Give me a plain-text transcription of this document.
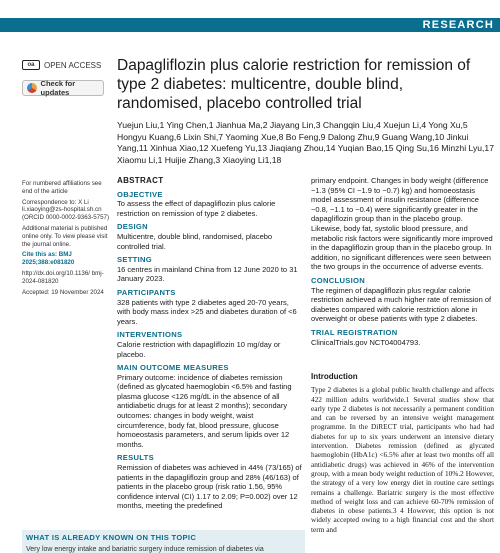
RESEARCH
oa	OPEN ACCESS
Check for updates
Dapagliflozin plus calorie restriction for remission of type 2 diabetes: multicentre, double blind, randomised, placebo controlled trial
Yuejun Liu,1 Ying Chen,1 Jianhua Ma,2 Jiayang Lin,3 Changqin Liu,4 Xuejun Li,4 Yong Xu,5 Hongyu Kuang,6 Lixin Shi,7 Yaoming Xue,8 Bo Feng,9 Dalong Zhu,9 Guang Wang,10 Jinkui Yang,11 Xinhua Xiao,12 Xuefeng Yu,13 Jiaqiang Zhou,14 Yuqian Bao,15 Qing Su,16 Minzhi Lyu,17 Xiaomu Li,1 Huijie Zhang,3 Xiaoying Li1,18

For numbered affiliations see end of the article

Correspondence to: X Li li.xiaoying@zs-hospital.sh.cn (ORCID 0000-0002-9363-5757)

Additional material is published online only. To view please visit the journal online.

Cite this as: BMJ 2025;388:e081820

http://dx.doi.org/10.1136/ bmj-2024-081820

Accepted: 19 November 2024

ABSTRACT
OBJECTIVE

To assess the effect of dapagliflozin plus calorie restriction on remission of type 2 diabetes.

DESIGN

Multicentre, double blind, randomised, placebo controlled trial.

SETTING

16 centres in mainland China from 12 June 2020 to 31 January 2023.

PARTICIPANTS

328 patients with type 2 diabetes aged 20-70 years, with body mass index >25 and diabetes duration of <6 years.

INTERVENTIONS

Calorie restriction with dapagliflozin 10 mg/day or placebo.

MAIN OUTCOME MEASURES

Primary outcome: incidence of diabetes remission (defined as glycated haemoglobin <6.5% and fasting plasma glucose <126 mg/dL in the absence of all antidiabetic drugs for at least 2 months); secondary outcomes: changes in body weight, waist circumference, body fat, blood pressure, glucose homoeostasis parameters, and serum lipids over 12 months.

RESULTS

Remission of diabetes was achieved in 44% (73/165) of patients in the dapagliflozin group and 28% (46/163) of patients in the placebo group (risk ratio 1.56, 95% confidence interval (CI) 1.17 to 2.09; P=0.002) over 12 months, meeting the predefined

primary endpoint. Changes in body weight (difference −1.3 (95% CI −1.9 to −0.7) kg) and homoeostasis model assessment of insulin resistance (difference −0.8, −1.1 to −0.4) were significantly greater in the dapagliflozin group than in the placebo group. Likewise, body fat, systolic blood pressure, and metabolic risk factors were significantly more improved in the dapagliflozin group than in the placebo group. In addition, no significant differences were seen between the two groups in the occurrence of adverse events.

CONCLUSION

The regimen of dapagliflozin plus regular calorie restriction achieved a much higher rate of remission of diabetes compared with calorie restriction alone in overweight or obese patients with type 2 diabetes.

TRIAL REGISTRATION

ClinicalTrials.gov NCT04004793.

Introduction

Type 2 diabetes is a global public health challenge and affects 422 million adults worldwide.1 Several studies show that early type 2 diabetes is not necessarily a permanent condition and can be reversed by an intensive weight management programme. In the DiRECT trial, participants who had had diabetes for up to six years underwent an intensive dietary intervention. Diabetes remission (defined as glycated haemoglobin (HbA1c) <6.5% after at least two months off all antidiabetic drugs) was achieved in 46% of the intervention group, with a mean body weight reduction of 10%.2 However, the strategy of a very low energy diet in routine care settings remains a challenge. Bariatric surgery is the most effective method of weight loss and can achieve 60-70% remission of diabetes in obese patients.3 4 However, this option is not widely accepted owing to a high financial cost and the short term and

WHAT IS ALREADY KNOWN ON THIS TOPIC
Very low energy intake and bariatric surgery induce remission of diabetes via
